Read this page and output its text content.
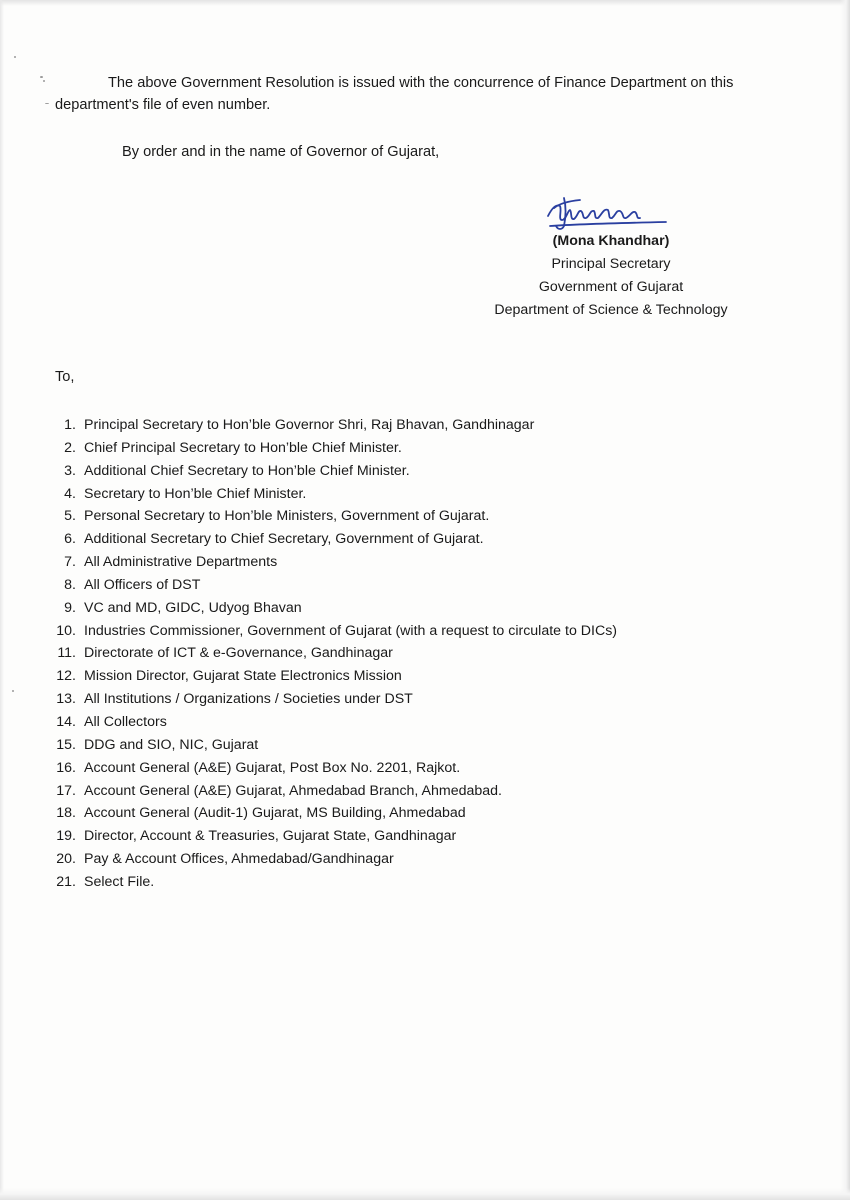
The above Government Resolution is issued with the concurrence of Finance Department on this

department's file of even number.

By order and in the name of Governor of Gujarat,

(Mona Khandhar)
Principal Secretary
Government of Gujarat
Department of Science & Technology
To,
1. Principal Secretary to Hon’ble Governor Shri, Raj Bhavan, Gandhinagar
2. Chief Principal Secretary to Hon’ble Chief Minister.
3. Additional Chief Secretary to Hon’ble Chief Minister.
4. Secretary to Hon’ble Chief Minister.
5. Personal Secretary to Hon’ble Ministers, Government of Gujarat.
6. Additional Secretary to Chief Secretary, Government of Gujarat.
7. All Administrative Departments
8. All Officers of DST
9. VC and MD, GIDC, Udyog Bhavan
10. Industries Commissioner, Government of Gujarat (with a request to circulate to DICs)
11. Directorate of ICT & e-Governance, Gandhinagar
12. Mission Director, Gujarat State Electronics Mission
13. All Institutions / Organizations / Societies under DST
14. All Collectors
15. DDG and SIO, NIC, Gujarat
16. Account General (A&E) Gujarat, Post Box No. 2201, Rajkot.
17. Account General (A&E) Gujarat, Ahmedabad Branch, Ahmedabad.
18. Account General (Audit-1) Gujarat, MS Building, Ahmedabad
19. Director, Account & Treasuries, Gujarat State, Gandhinagar
20. Pay & Account Offices, Ahmedabad/Gandhinagar
21. Select File.
